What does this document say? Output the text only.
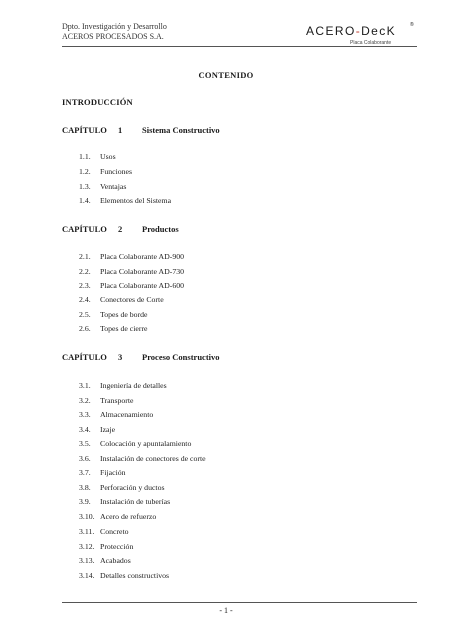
Dpto. Investigación y Desarrollo
ACEROS PROCESADOS S.A.	ACERO-DecK	®
Placa Colaborante
CONTENIDO
INTRODUCCIÓN
CAPÍTULO 1 Sistema Constructivo
1.1. Usos
1.2. Funciones
1.3. Ventajas
1.4. Elementos del Sistema
CAPÍTULO 2 Productos
2.1. Placa Colaborante AD-900
2.2. Placa Colaborante AD-730
2.3. Placa Colaborante AD-600
2.4. Conectores de Corte
2.5. Topes de borde
2.6. Topes de cierre
CAPÍTULO 3 Proceso Constructivo
3.1. Ingeniería de detalles
3.2. Transporte
3.3. Almacenamiento
3.4. Izaje
3.5. Colocación y apuntalamiento
3.6. Instalación de conectores de corte
3.7. Fijación
3.8. Perforación y ductos
3.9. Instalación de tuberías
3.10. Acero de refuerzo
3.11. Concreto
3.12. Protección
3.13. Acabados
3.14. Detalles constructivos
- 1 -
